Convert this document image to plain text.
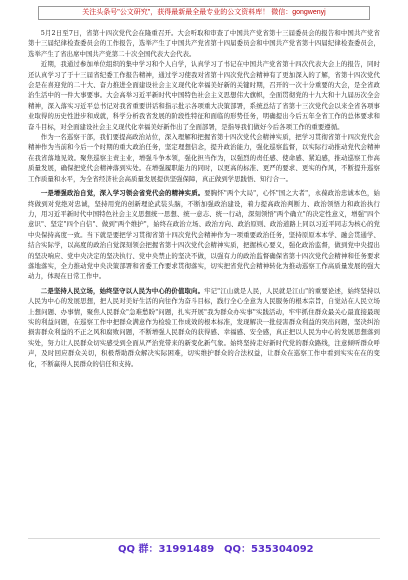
关注头条号"公文研究"，获得最新最全最专业的公文资料库！ 微信：gongwenyj

5月2日至7日，省第十四次党代会在隆重召开。大会听取和审查了中国共产党省第十三届委员会的报告和中国共产党省第十三届纪律检查委员会的工作报告，选举产生了中国共产党省第十四届委员会和中国共产党省第十四届纪律检查委员会，选举产生了省出席中国共产党第二十次全国代表大会代表。

近期，我通过参加单位组织的集中学习和个人自学，认真学习了书记在中国共产党省第十四次代表大会上的报告，同时还认真学习了于十三届省纪委工作报告精神，通过学习使我对省第十四次党代会精神有了更加深入的了解，省第十四次党代会是在喜迎党的二十大、奋力推进全面建设社会主义现代化幸福美好新的关键时期，召开的一次十分重要的大会，是全省政治生活中的一件大事要事。大会高举习近平新时代中国特色社会主义思想伟大旗帜，全面贯彻党的十九大和十九届历次全会精神，深入落实习近平总书记对我省重要讲话和指示批示各项重大决策部署，系统总结了省第十三次党代会以来全省各项事业取得的历史性进步和成就，科学分析我省发展的阶段性特征和面临的形势任务，明确提出今后五年全省工作的总体要求和奋斗目标，对全面建设社会主义现代化幸福美好新作出了全面部署，是指导我们做好今后各项工作的重要遵循。

作为一名巡察干部，我们要提高政治站位，深入理解和把握省第十四次党代会精神实质，把学习贯彻省第十四次党代会精神作为当前和今后一个时期的重大政治任务，坚定理想信念，提升政治能力，强化巡察监督，以实际行动推动党代会精神在我省落地见效。聚焦巡察主责主业，增强斗争本领，强化担当作为，以强烈的责任感、使命感、紧迫感，推动巡察工作高质量发展，确保把党代会精神落到实处。在增强履职能力的同时，以更高的标准、更严的要求、更实的作风，不断提升巡察工作质量和水平，为全省经济社会高质量发展提供坚强保障，真正做到学思践悟、知行合一。

一是增强政治自觉，深入学习领会省党代会的精神实质。要胸怀"两个大局"，心怀"国之大者"，永葆政治忠诚本色，始终做到对党绝对忠诚，坚持用党的创新理论武装头脑，不断加强政治建设，着力提高政治判断力、政治领悟力和政治执行力，用习近平新时代中国特色社会主义思想统一思想、统一意志、统一行动，深刻领悟"两个确立"的决定性意义，增强"四个意识"、坚定"四个自信"、做到"两个维护"，始终在政治立场、政治方向、政治原则、政治道路上同以习近平同志为核心的党中央保持高度一致。当下就是要把学习贯彻省第十四次党代会精神作为一项重要政治任务，坚持原原本本学、融会贯通学、结合实际学，以高度的政治自觉深刻领会把握省第十四次党代会精神实质，把握核心要义，强化政治监督，做到党中央提出的坚决响应、党中央决定的坚决执行、党中央禁止的坚决不做，以强有力的政治监督确保省第十四次党代会精神和任务要求落地落实，全力推动党中央决策部署和省委工作要求贯彻落实，切实把省党代会精神转化为推动巡察工作高质量发展的强大动力，体现在日常工作中。

二是坚持人民立场，始终坚守以人民为中心的价值取向。牢记"江山就是人民，人民就是江山"的重要论述，始终坚持以人民为中心的发展思想，把人民对美好生活的向往作为奋斗目标，践行全心全意为人民服务的根本宗旨，自觉站在人民立场上想问题、办事情，聚焦人民群众"急难愁盼"问题，扎实开展"我为群众办实事"实践活动，牢牢抓住群众最关心最直接最现实的利益问题，在巡察工作中把群众满意作为检验工作成效的根本标准，发现解决一批侵害群众利益的突出问题，坚决纠治损害群众利益的不正之风和腐败问题，不断增强人民群众的获得感、幸福感、安全感，真正把以人民为中心的发展思想落到实处，努力让人民群众切实感受到全面从严治党带来的新变化新气象。始终坚持走好新时代党的群众路线，注意倾听群众呼声，及时回应群众关切，积极帮助群众解决实际困难，切实维护群众的合法权益，让群众在巡察工作中看到实实在在的变化，不断赢得人民群众的信任和支持。

QQ 群：31991489 QQ：535304092
